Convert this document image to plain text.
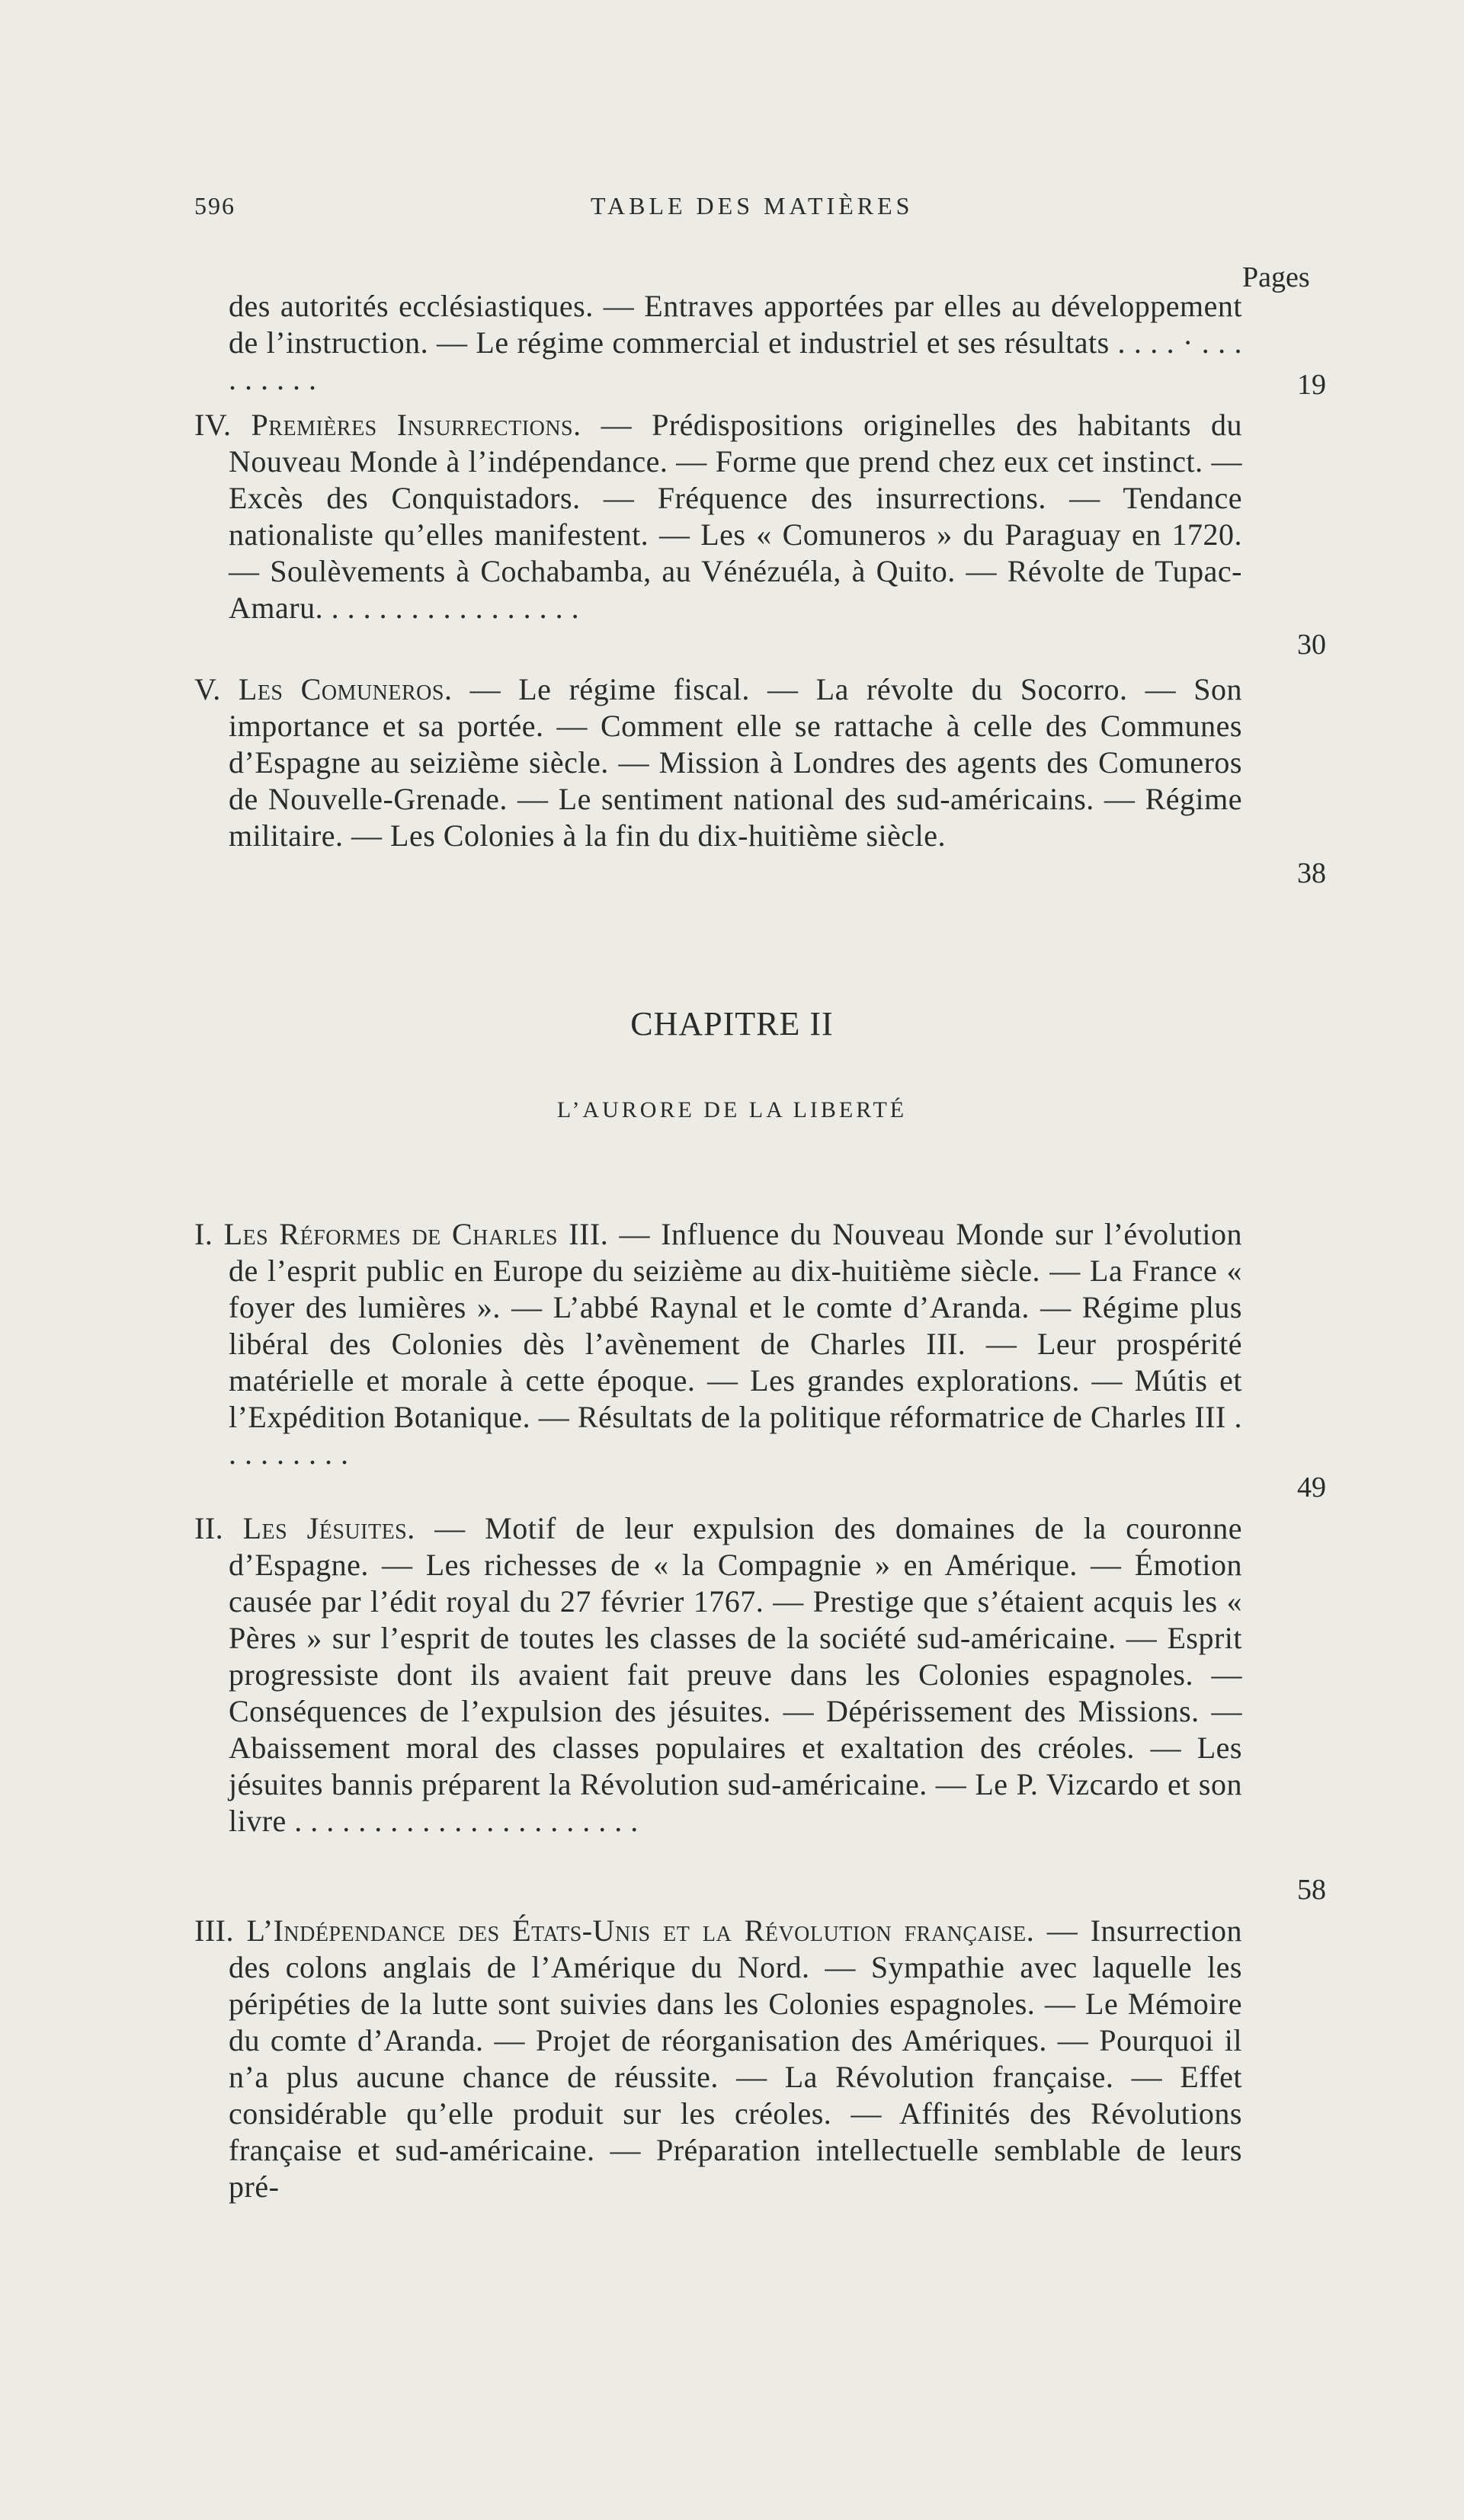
596	TABLE DES MATIÈRES
Pages
des autorités ecclésiastiques. — Entraves apportées par elles au développement de l’instruction. — Le régime commercial et industriel et ses résultats . . . . · . . . . . . . . .	19
IV. Premières Insurrections. — Prédispositions originelles des habitants du Nouveau Monde à l’indépendance. — Forme que prend chez eux cet instinct. — Excès des Conquistadors. — Fréquence des insurrections. — Tendance nationaliste qu’elles manifestent. — Les « Comuneros » du Paraguay en 1720. — Soulèvements à Cochabamba, au Vénézuéla, à Quito. — Révolte de Tupac-Amaru. . . . . . . . . . . . . . . . .
30
V. Les Comuneros. — Le régime fiscal. — La révolte du Socorro. — Son importance et sa portée. — Comment elle se rattache à celle des Communes d’Espagne au seizième siècle. — Mission à Londres des agents des Comuneros de Nouvelle-Grenade. — Le sentiment national des sud-américains. — Régime militaire. — Les Colonies à la fin du dix-huitième siècle.
38
CHAPITRE II
L’AURORE DE LA LIBERTÉ
I. Les Réformes de Charles III. — Influence du Nouveau Monde sur l’évolution de l’esprit public en Europe du seizième au dix-huitième siècle. — La France « foyer des lumières ». — L’abbé Raynal et le comte d’Aranda. — Régime plus libéral des Colonies dès l’avènement de Charles III. — Leur prospérité matérielle et morale à cette époque. — Les grandes explorations. — Mútis et l’Expédition Botanique. — Résultats de la politique réformatrice de Charles III . . . . . . . . .
49
II. Les Jésuites. — Motif de leur expulsion des domaines de la couronne d’Espagne. — Les richesses de « la Compagnie » en Amérique. — Émotion causée par l’édit royal du 27 février 1767. — Prestige que s’étaient acquis les « Pères » sur l’esprit de toutes les classes de la société sud-américaine. — Esprit progressiste dont ils avaient fait preuve dans les Colonies espagnoles. — Conséquences de l’expulsion des jésuites. — Dépérissement des Missions. — Abaissement moral des classes populaires et exaltation des créoles. — Les jésuites bannis préparent la Révolution sud-américaine. — Le P. Vizcardo et son livre . . . . . . . . . . . . . . . . . . . . . .
58
III. L’Indépendance des États-Unis et la Révolution française. — Insurrection des colons anglais de l’Amérique du Nord. — Sympathie avec laquelle les péripéties de la lutte sont suivies dans les Colonies espagnoles. — Le Mémoire du comte d’Aranda. — Projet de réorganisation des Amériques. — Pourquoi il n’a plus aucune chance de réussite. — La Révolution française. — Effet considérable qu’elle produit sur les créoles. — Affinités des Révolutions française et sud-américaine. — Préparation intellectuelle semblable de leurs pré-
